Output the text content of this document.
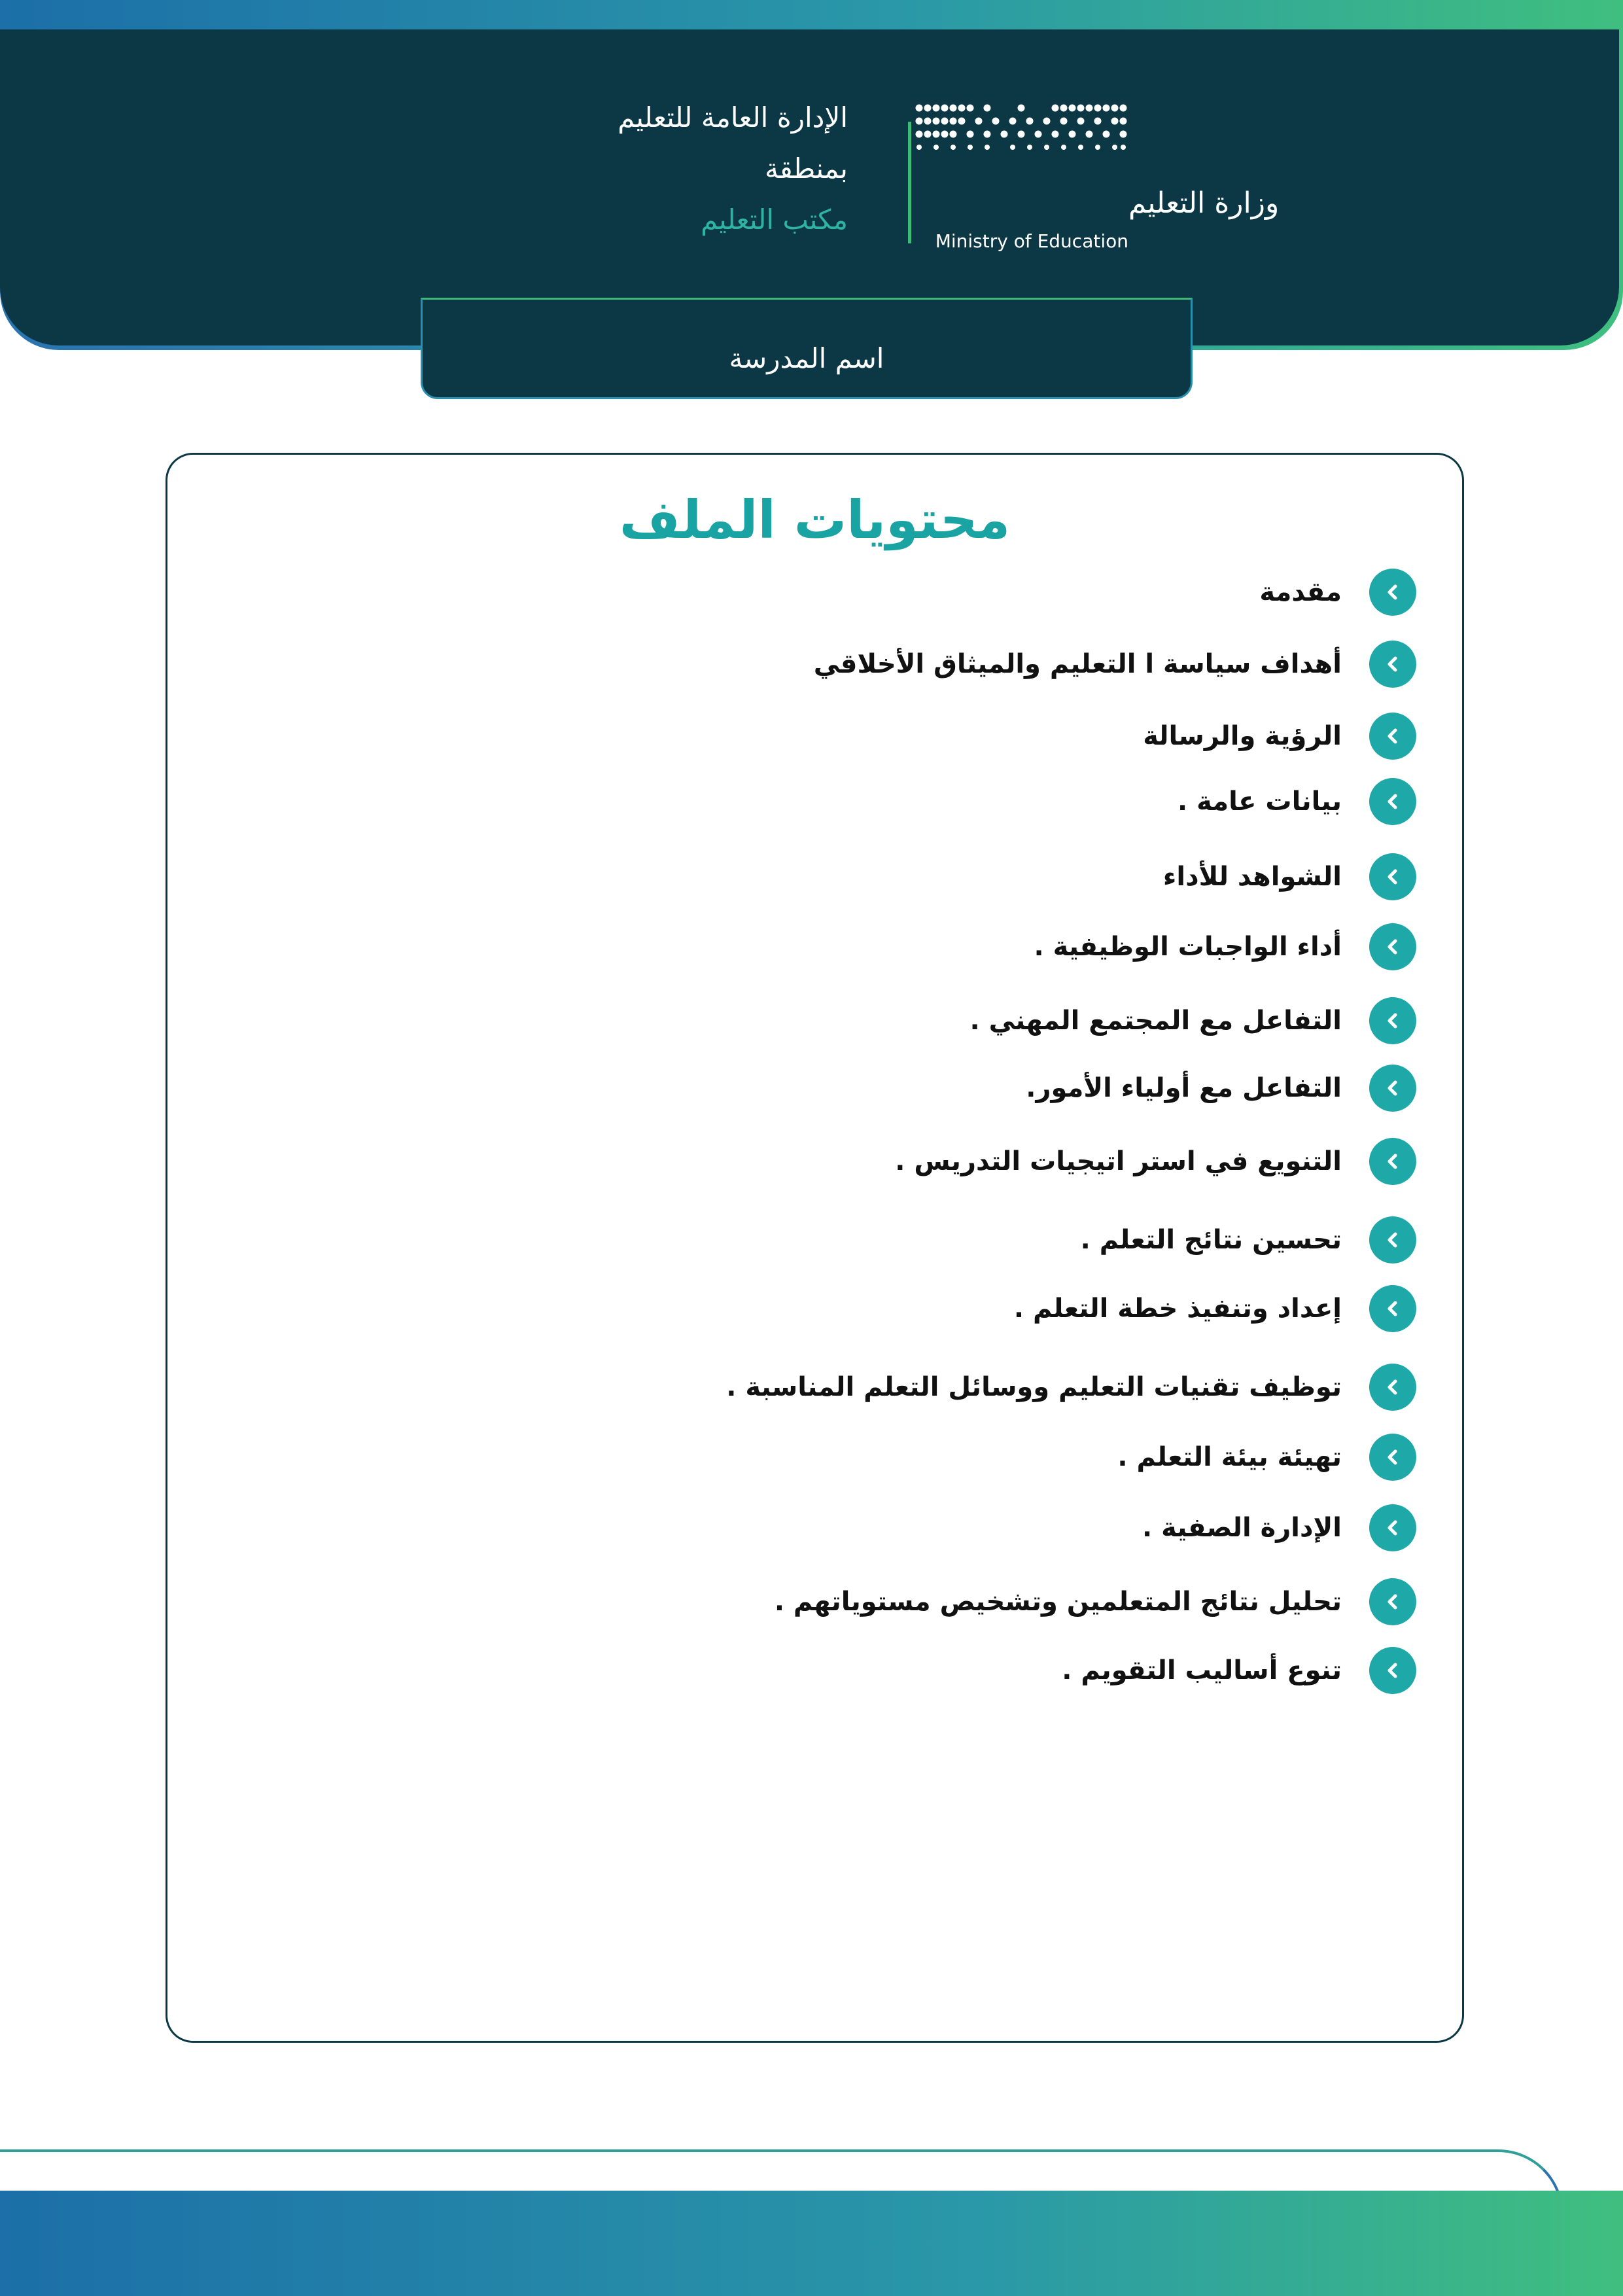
وزارة التعليم
Ministry of Education
الإدارة العامة للتعليم
بمنطقة
مكتب التعليم
اسم المدرسة
محتويات الملف
مقدمة
أهداف سياسة ا التعليم والميثاق الأخلاقي
الرؤية والرسالة
بيانات عامة .
الشواهد للأداء
أداء الواجبات الوظيفية .
التفاعل مع المجتمع المهني .
التفاعل مع أولياء الأمور.
التنويع في استر اتيجيات التدريس .
تحسين نتائج التعلم .
إعداد وتنفيذ خطة التعلم .
توظيف تقنيات التعليم ووسائل التعلم المناسبة .
تهيئة بيئة التعلم .
الإدارة الصفية .
تحليل نتائج المتعلمين وتشخيص مستوياتهم .
تنوع أساليب التقويم .
